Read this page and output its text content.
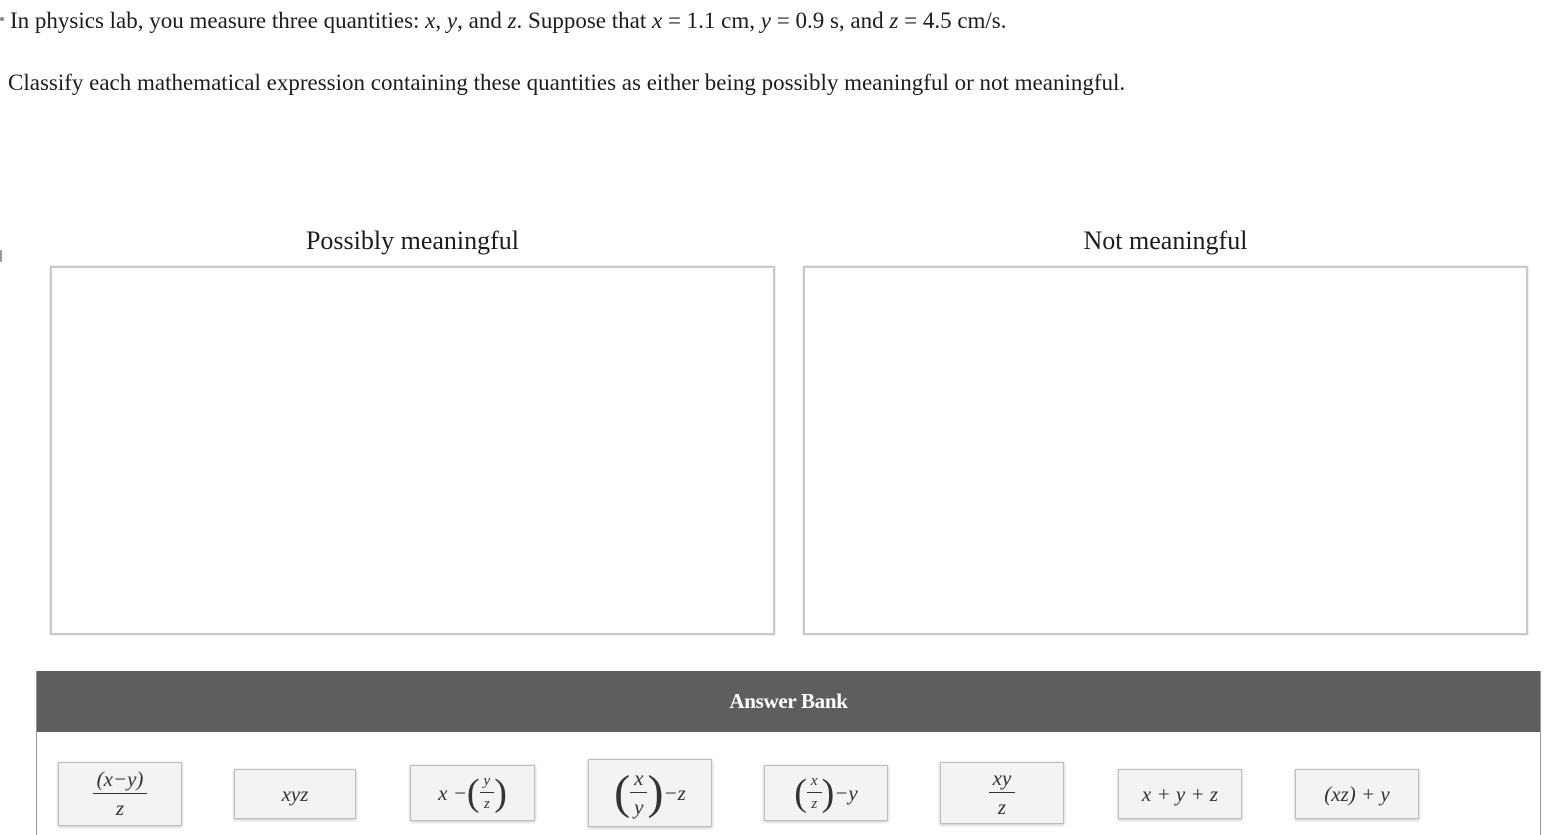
In physics lab, you measure three quantities: x, y, and z. Suppose that x = 1.1 cm, y = 0.9 s, and z = 4.5 cm/s.
Classify each mathematical expression containing these quantities as either being possibly meaningful or not meaningful.
Possibly meaningful	Not meaningful
Answer Bank
$\frac{(x-y)}{z}$	xyz	x − ( $\frac{y}{z}$ ) ( $\frac{x}{y}$ ) −z	( $\frac{x}{z}$ ) −y	$\frac{xy}{z}$	x + y + z	(xz) + y
